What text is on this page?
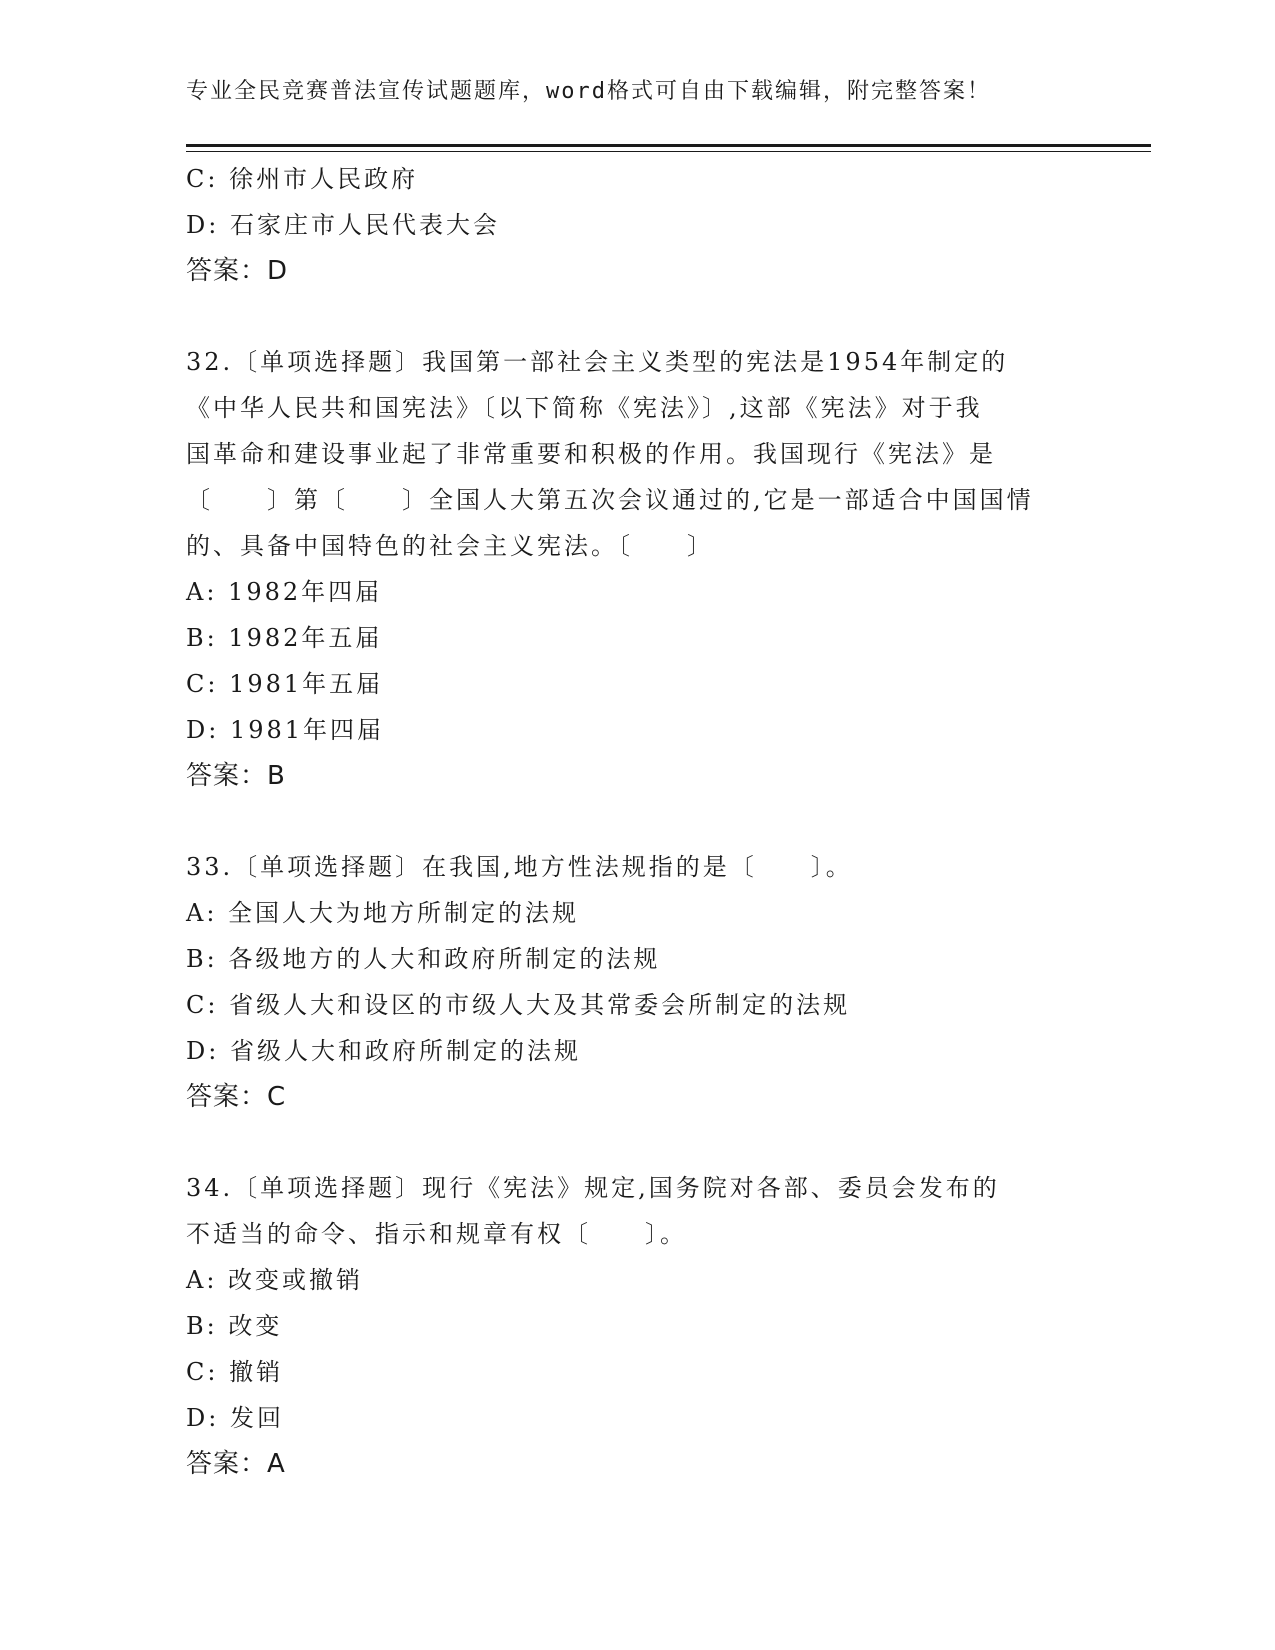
专业全民竞赛普法宣传试题题库，word格式可自由下载编辑，附完整答案！
C: 徐州市人民政府
D: 石家庄市人民代表大会
答案：D
32.〔单项选择题〕我国第一部社会主义类型的宪法是1954年制定的
《中华人民共和国宪法》〔以下简称《宪法》〕,这部《宪法》对于我
国革命和建设事业起了非常重要和积极的作用。我国现行《宪法》是
〔　　〕第〔　　〕全国人大第五次会议通过的,它是一部适合中国国情
的、具备中国特色的社会主义宪法。〔　　〕
A: 1982年四届
B: 1982年五届
C: 1981年五届
D: 1981年四届
答案：B
33.〔单项选择题〕在我国,地方性法规指的是〔　　〕。
A: 全国人大为地方所制定的法规
B: 各级地方的人大和政府所制定的法规
C: 省级人大和设区的市级人大及其常委会所制定的法规
D: 省级人大和政府所制定的法规
答案：C
34.〔单项选择题〕现行《宪法》规定,国务院对各部、委员会发布的
不适当的命令、指示和规章有权〔　　〕。
A: 改变或撤销
B: 改变
C: 撤销
D: 发回
答案：A
